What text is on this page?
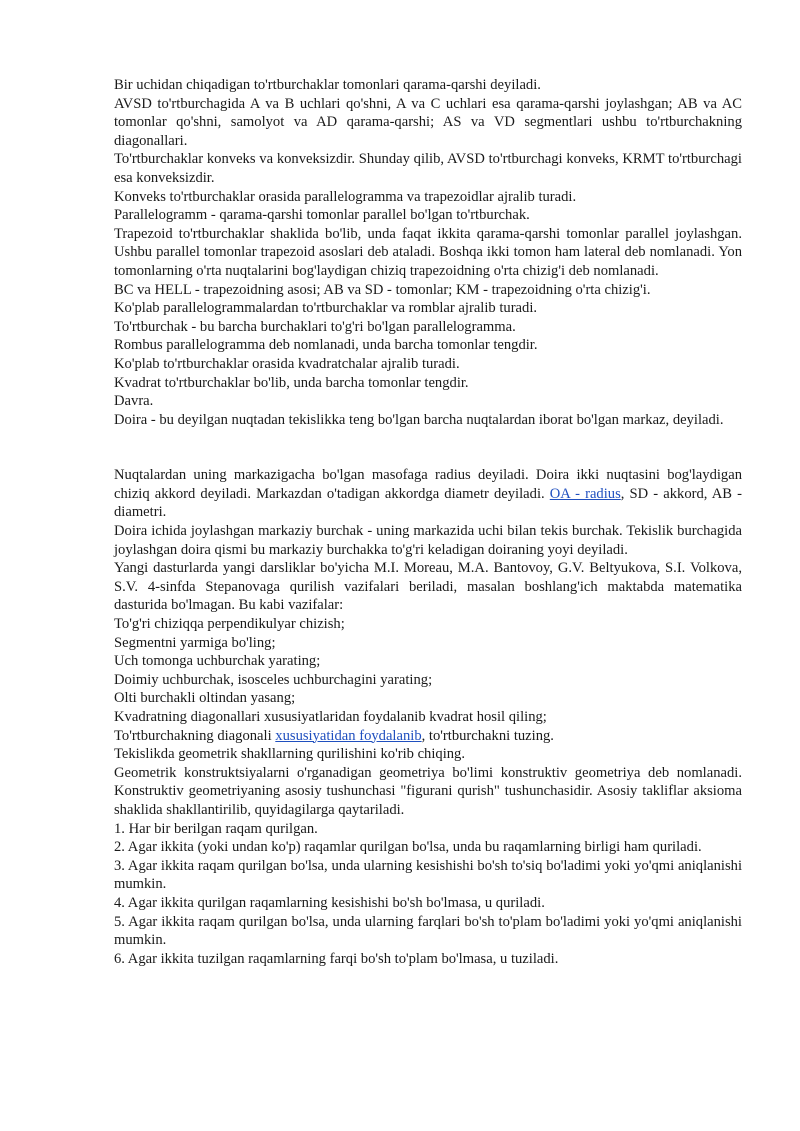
Bir uchidan chiqadigan to'rtburchaklar tomonlari qarama-qarshi deyiladi.

AVSD to'rtburchagida A va B uchlari qo'shni, A va C uchlari esa qarama-qarshi joylashgan; AB va AC tomonlar qo'shni, samolyot va AD qarama-qarshi; AS va VD segmentlari ushbu to'rtburchakning diagonallari.

To'rtburchaklar konveks va konveksizdir. Shunday qilib, AVSD to'rtburchagi konveks, KRMT to'rtburchagi esa konveksizdir.

Konveks to'rtburchaklar orasida parallelogramma va trapezoidlar ajralib turadi.

Parallelogramm - qarama-qarshi tomonlar parallel bo'lgan to'rtburchak.

Trapezoid to'rtburchaklar shaklida bo'lib, unda faqat ikkita qarama-qarshi tomonlar parallel joylashgan. Ushbu parallel tomonlar trapezoid asoslari deb ataladi. Boshqa ikki tomon ham lateral deb nomlanadi. Yon tomonlarning o'rta nuqtalarini bog'laydigan chiziq trapezoidning o'rta chizig'i deb nomlanadi.

BC va HELL - trapezoidning asosi; AB va SD - tomonlar; KM - trapezoidning o'rta chizig'i.

Ko'plab parallelogrammalardan to'rtburchaklar va romblar ajralib turadi.

To'rtburchak - bu barcha burchaklari to'g'ri bo'lgan parallelogramma.

Rombus parallelogramma deb nomlanadi, unda barcha tomonlar tengdir.

Ko'plab to'rtburchaklar orasida kvadratchalar ajralib turadi.

Kvadrat to'rtburchaklar bo'lib, unda barcha tomonlar tengdir.

Davra.

Doira - bu deyilgan nuqtadan tekislikka teng bo'lgan barcha nuqtalardan iborat bo'lgan markaz, deyiladi.

Nuqtalardan uning markazigacha bo'lgan masofaga radius deyiladi. Doira ikki nuqtasini bog'laydigan chiziq akkord deyiladi. Markazdan o'tadigan akkordga diametr deyiladi. OA - radius, SD - akkord, AB - diametri.

Doira ichida joylashgan markaziy burchak - uning markazida uchi bilan tekis burchak. Tekislik burchagida joylashgan doira qismi bu markaziy burchakka to'g'ri keladigan doiraning yoyi deyiladi.

Yangi dasturlarda yangi darsliklar bo'yicha M.I. Moreau, M.A. Bantovoy, G.V. Beltyukova, S.I. Volkova, S.V. 4-sinfda Stepanovaga qurilish vazifalari beriladi, masalan boshlang'ich maktabda matematika dasturida bo'lmagan. Bu kabi vazifalar:

To'g'ri chiziqqa perpendikulyar chizish;

Segmentni yarmiga bo'ling;

Uch tomonga uchburchak yarating;

Doimiy uchburchak, isosceles uchburchagini yarating;

Olti burchakli oltindan yasang;

Kvadratning diagonallari xususiyatlaridan foydalanib kvadrat hosil qiling;

To'rtburchakning diagonali xususiyatidan foydalanib, to'rtburchakni tuzing.

Tekislikda geometrik shakllarning qurilishini ko'rib chiqing.

Geometrik konstruktsiyalarni o'rganadigan geometriya bo'limi konstruktiv geometriya deb nomlanadi. Konstruktiv geometriyaning asosiy tushunchasi "figurani qurish" tushunchasidir. Asosiy takliflar aksioma shaklida shakllantirilib, quyidagilarga qaytariladi.

1. Har bir berilgan raqam qurilgan.

2. Agar ikkita (yoki undan ko'p) raqamlar qurilgan bo'lsa, unda bu raqamlarning birligi ham quriladi.

3. Agar ikkita raqam qurilgan bo'lsa, unda ularning kesishishi bo'sh to'siq bo'ladimi yoki yo'qmi aniqlanishi mumkin.

4. Agar ikkita qurilgan raqamlarning kesishishi bo'sh bo'lmasa, u quriladi.

5. Agar ikkita raqam qurilgan bo'lsa, unda ularning farqlari bo'sh to'plam bo'ladimi yoki yo'qmi aniqlanishi mumkin.

6. Agar ikkita tuzilgan raqamlarning farqi bo'sh to'plam bo'lmasa, u tuziladi.
